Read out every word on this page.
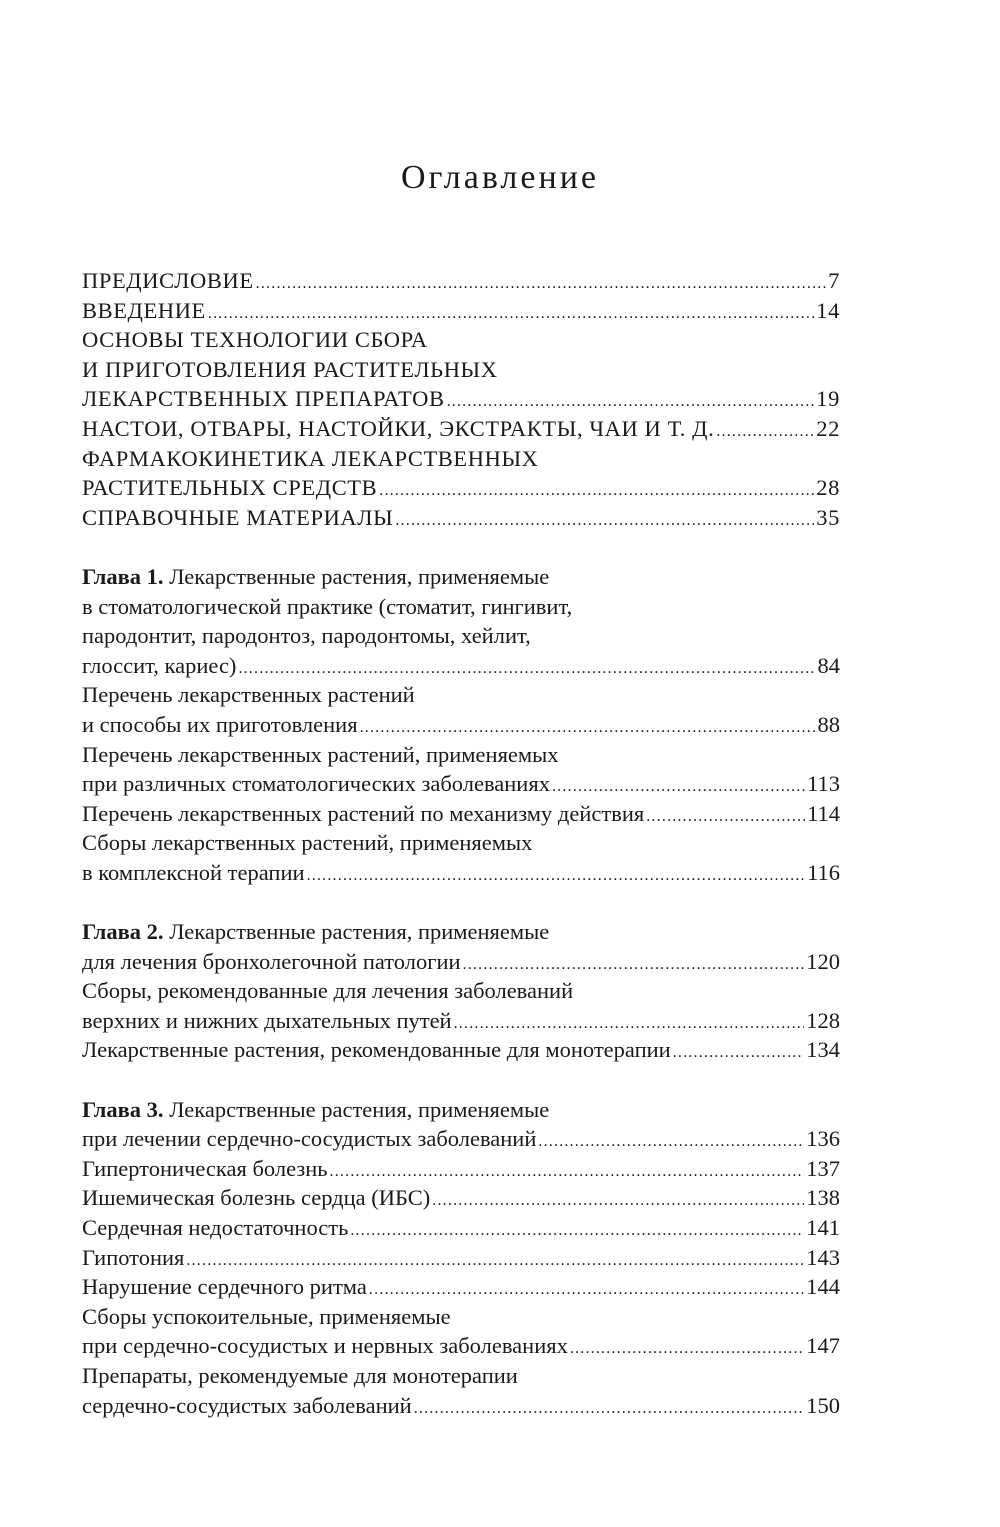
Оглавление
ПРЕДИСЛОВИЕ .....	7
ВВЕДЕНИЕ .....	14
ОСНОВЫ ТЕХНОЛОГИИ СБОРА
И ПРИГОТОВЛЕНИЯ РАСТИТЕЛЬНЫХ
ЛЕКАРСТВЕННЫХ ПРЕПАРАТОВ .....	19
НАСТОИ, ОТВАРЫ, НАСТОЙКИ, ЭКСТРАКТЫ, ЧАИ И Т. Д. .....	22
ФАРМАКОКИНЕТИКА ЛЕКАРСТВЕННЫХ
РАСТИТЕЛЬНЫХ СРЕДСТВ .....	28
СПРАВОЧНЫЕ МАТЕРИАЛЫ .....	35
Глава 1. Лекарственные растения, применяемые
в стоматологической практике (стоматит, гингивит,
пародонтит, пародонтоз, пародонтомы, хейлит,
глоссит, кариес) .....	84
Перечень лекарственных растений
и способы их приготовления .....	88
Перечень лекарственных растений, применяемых
при различных стоматологических заболеваниях .....	113
Перечень лекарственных растений по механизму действия .....	114
Сборы лекарственных растений, применяемых
в комплексной терапии .....	116
Глава 2. Лекарственные растения, применяемые
для лечения бронхолегочной патологии .....	120
Сборы, рекомендованные для лечения заболеваний
верхних и нижних дыхательных путей .....	128
Лекарственные растения, рекомендованные для монотерапии .....	134
Глава 3. Лекарственные растения, применяемые
при лечении сердечно-сосудистых заболеваний .....	136
Гипертоническая болезнь .....	137
Ишемическая болезнь сердца (ИБС) .....	138
Сердечная недостаточность .....	141
Гипотония .....	143
Нарушение сердечного ритма .....	144
Сборы успокоительные, применяемые
при сердечно-сосудистых и нервных заболеваниях .....	147
Препараты, рекомендуемые для монотерапии
сердечно-сосудистых заболеваний .....	150
